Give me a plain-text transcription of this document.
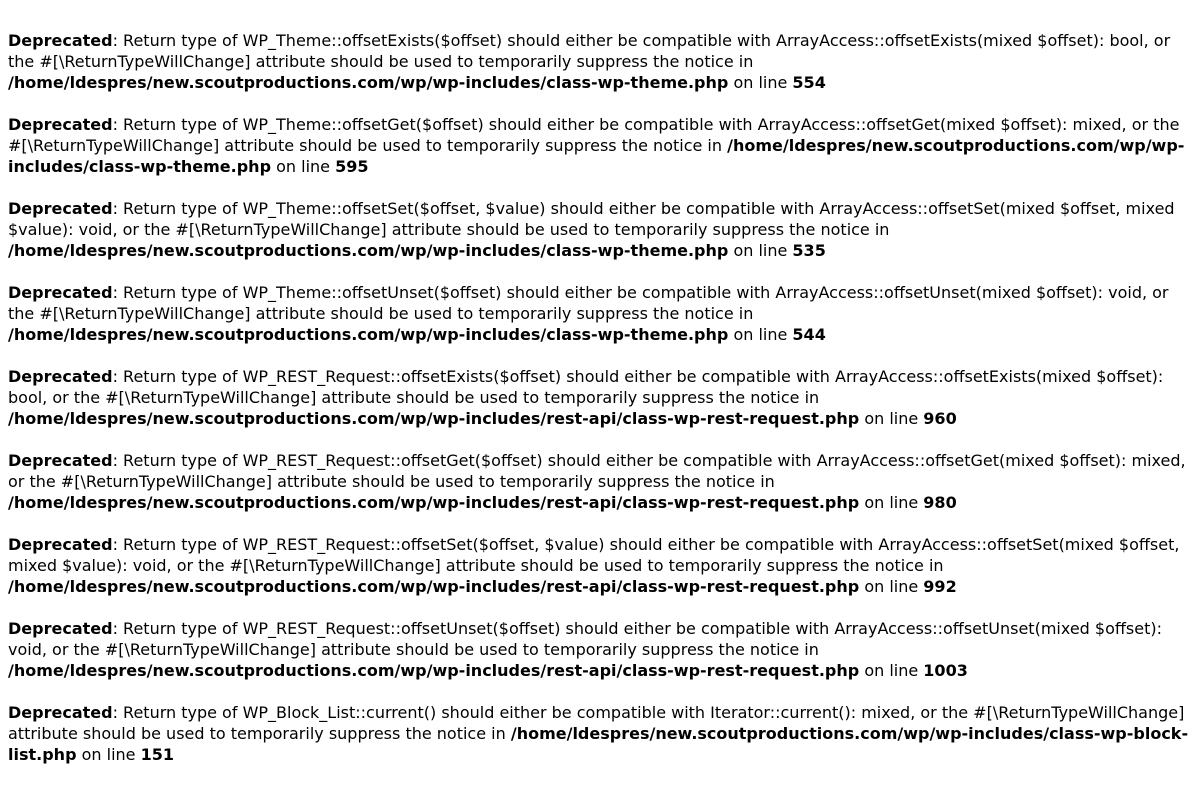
Deprecated: Return type of WP_Theme::offsetExists($offset) should either be compatible with ArrayAccess::offsetExists(mixed $offset): bool, or the #[\ReturnTypeWillChange] attribute should be used to temporarily suppress the notice in /home/ldespres/new.scoutproductions.com/wp/wp-includes/class-wp-theme.php on line 554
Deprecated: Return type of WP_Theme::offsetGet($offset) should either be compatible with ArrayAccess::offsetGet(mixed $offset): mixed, or the #[\ReturnTypeWillChange] attribute should be used to temporarily suppress the notice in /home/ldespres/new.scoutproductions.com/wp/wp-includes/class-wp-theme.php on line 595
Deprecated: Return type of WP_Theme::offsetSet($offset, $value) should either be compatible with ArrayAccess::offsetSet(mixed $offset, mixed $value): void, or the #[\ReturnTypeWillChange] attribute should be used to temporarily suppress the notice in /home/ldespres/new.scoutproductions.com/wp/wp-includes/class-wp-theme.php on line 535
Deprecated: Return type of WP_Theme::offsetUnset($offset) should either be compatible with ArrayAccess::offsetUnset(mixed $offset): void, or the #[\ReturnTypeWillChange] attribute should be used to temporarily suppress the notice in /home/ldespres/new.scoutproductions.com/wp/wp-includes/class-wp-theme.php on line 544
Deprecated: Return type of WP_REST_Request::offsetExists($offset) should either be compatible with ArrayAccess::offsetExists(mixed $offset): bool, or the #[\ReturnTypeWillChange] attribute should be used to temporarily suppress the notice in /home/ldespres/new.scoutproductions.com/wp/wp-includes/rest-api/class-wp-rest-request.php on line 960
Deprecated: Return type of WP_REST_Request::offsetGet($offset) should either be compatible with ArrayAccess::offsetGet(mixed $offset): mixed, or the #[\ReturnTypeWillChange] attribute should be used to temporarily suppress the notice in /home/ldespres/new.scoutproductions.com/wp/wp-includes/rest-api/class-wp-rest-request.php on line 980
Deprecated: Return type of WP_REST_Request::offsetSet($offset, $value) should either be compatible with ArrayAccess::offsetSet(mixed $offset, mixed $value): void, or the #[\ReturnTypeWillChange] attribute should be used to temporarily suppress the notice in /home/ldespres/new.scoutproductions.com/wp/wp-includes/rest-api/class-wp-rest-request.php on line 992
Deprecated: Return type of WP_REST_Request::offsetUnset($offset) should either be compatible with ArrayAccess::offsetUnset(mixed $offset): void, or the #[\ReturnTypeWillChange] attribute should be used to temporarily suppress the notice in /home/ldespres/new.scoutproductions.com/wp/wp-includes/rest-api/class-wp-rest-request.php on line 1003
Deprecated: Return type of WP_Block_List::current() should either be compatible with Iterator::current(): mixed, or the #[\ReturnTypeWillChange] attribute should be used to temporarily suppress the notice in /home/ldespres/new.scoutproductions.com/wp/wp-includes/class-wp-block-list.php on line 151
